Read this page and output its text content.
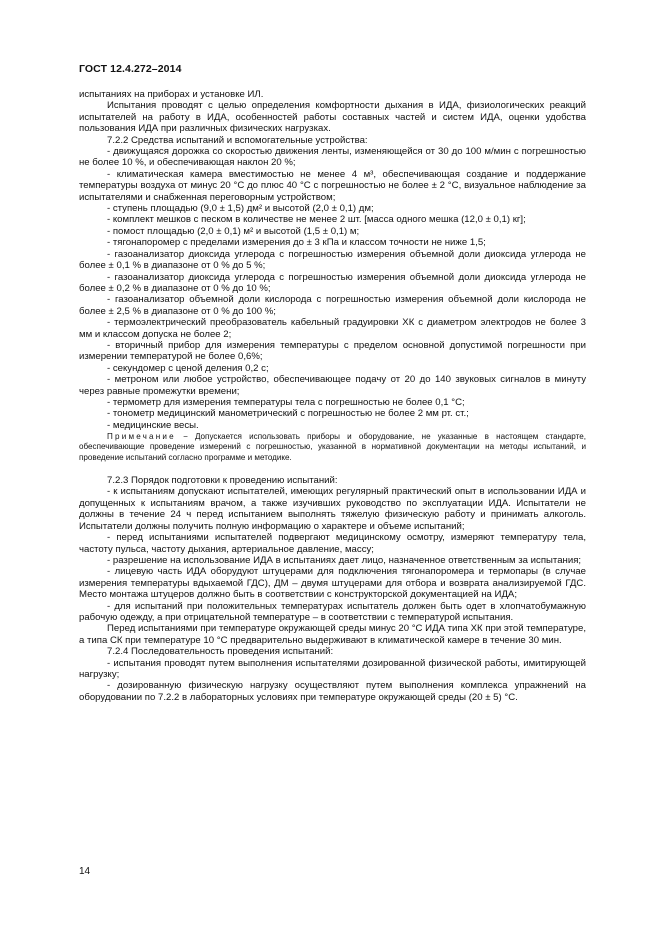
ГОСТ 12.4.272–2014

испытаниях на приборах и установке ИЛ.

Испытания проводят с целью определения комфортности дыхания в ИДА, физиологических реакций испытателей на работу в ИДА, особенностей работы составных частей и систем ИДА, оценки удобства пользования ИДА при различных физических нагрузках.

7.2.2 Средства испытаний и вспомогательные устройства:

- движущаяся дорожка со скоростью движения ленты, изменяющейся от 30 до 100 м/мин с погрешностью не более 10 %, и обеспечивающая наклон 20 %;

- климатическая камера вместимостью не менее 4 м³, обеспечивающая создание и поддержание температуры воздуха от минус 20 °С до плюс 40 °С с погрешностью не более ± 2 °С, визуальное наблюдение за испытателями и снабженная переговорным устройством;

- ступень площадью (9,0 ± 1,5) дм² и высотой (2,0 ± 0,1) дм;

- комплект мешков с песком в количестве не менее 2 шт. [масса одного мешка (12,0 ± 0,1) кг];

- помост площадью (2,0 ± 0,1) м² и высотой (1,5 ± 0,1) м;

- тягонапоромер с пределами измерения до ± 3 кПа и классом точности не ниже 1,5;

- газоанализатор диоксида углерода с погрешностью измерения объемной доли диоксида углерода не более ± 0,1 % в диапазоне от 0 % до 5 %;

- газоанализатор диоксида углерода с погрешностью измерения объемной доли диоксида углерода не более ± 0,2 % в диапазоне от 0 % до 10 %;

- газоанализатор объемной доли кислорода с погрешностью измерения объемной доли кислорода не более ± 2,5 % в диапазоне от 0 % до 100 %;

- термоэлектрический преобразователь кабельный градуировки ХК с диаметром электродов не более 3 мм и классом допуска не более 2;

- вторичный прибор для измерения температуры с пределом основной допустимой погрешности при измерении температурой не более 0,6%;

- секундомер с ценой деления 0,2 с;

- метроном или любое устройство, обеспечивающее подачу от 20 до 140 звуковых сигналов в минуту через равные промежутки времени;

- термометр для измерения температуры тела с погрешностью не более 0,1 °С;

- тонометр медицинский манометрический с погрешностью не более 2 мм рт. ст.;

- медицинские весы.

Примечание − Допускается использовать приборы и оборудование, не указанные в настоящем стандарте, обеспечивающие проведение измерений с погрешностью, указанной в нормативной документации на методы испытаний, и проведение испытаний согласно программе и методике.

7.2.3 Порядок подготовки к проведению испытаний:

- к испытаниям допускают испытателей, имеющих регулярный практический опыт в использовании ИДА и допущенных к испытаниям врачом, а также изучивших руководство по эксплуатации ИДА. Испытатели не должны в течение 24 ч перед испытанием выполнять тяжелую физическую работу и принимать алкоголь. Испытатели должны получить полную информацию о характере и объеме испытаний;

- перед испытаниями испытателей подвергают медицинскому осмотру, измеряют температуру тела, частоту пульса, частоту дыхания, артериальное давление, массу;

- разрешение на использование ИДА в испытаниях дает лицо, назначенное ответственным за испытания;

- лицевую часть ИДА оборудуют штуцерами для подключения тягонапоромера и термопары (в случае измерения температуры вдыхаемой ГДС), ДМ – двумя штуцерами для отбора и возврата анализируемой ГДС. Место монтажа штуцеров должно быть в соответствии с конструкторской документацией на ИДА;

- для испытаний при положительных температурах испытатель должен быть одет в хлопчатобумажную рабочую одежду, а при отрицательной температуре – в соответствии с температурой испытания.

Перед испытаниями при температуре окружающей среды минус 20 °С ИДА типа ХК при этой температуре, а типа СК при температуре 10 °С предварительно выдерживают в климатической камере в течение 30 мин.

7.2.4 Последовательность проведения испытаний:

- испытания проводят путем выполнения испытателями дозированной физической работы, имитирующей нагрузку;

- дозированную физическую нагрузку осуществляют путем выполнения комплекса упражнений на оборудовании по 7.2.2 в лабораторных условиях при температуре окружающей среды (20 ± 5) °С.

14
